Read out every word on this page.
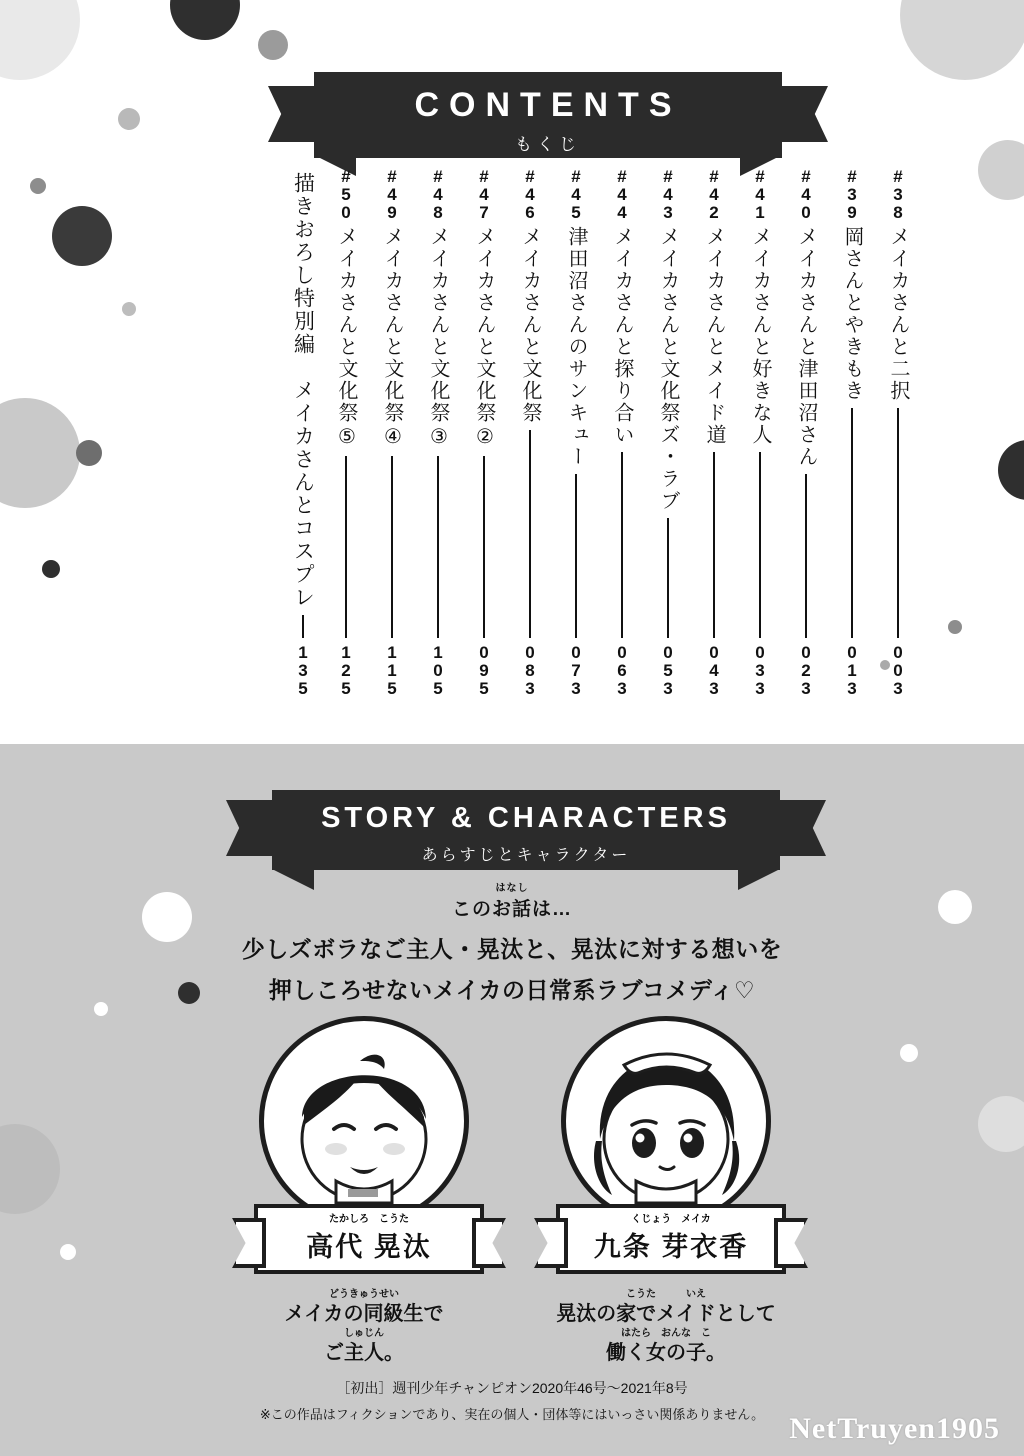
CONTENTS
もくじ
#
3
8
メイカさんと二択
0
0
3
#
3
9
岡さんとやきもき
0
1
3
#
4
0
メイカさんと津田沼さん
0
2
3
#
4
1
メイカさんと好きな人
0
3
3
#
4
2
メイカさんとメイド道
0
4
3
#
4
3
メイカさんと文化祭ズ・ラブ
0
5
3
#
4
4
メイカさんと探り合い
0
6
3
#
4
5
津田沼さんのサンキュー
0
7
3
#
4
6
メイカさんと文化祭
0
8
3
#
4
7
メイカさんと文化祭②
0
9
5
#
4
8
メイカさんと文化祭③
1
0
5
#
4
9
メイカさんと文化祭④
1
1
5
#
5
0
メイカさんと文化祭⑤
1
2
5
描きおろし特別編　メイカさんとコスプレ
1
3
5
STORY & CHARACTERS
あらすじとキャラクター
はなし
このお話は…
少しズボラなご主人・晃汰と、晃汰に対する想いを
押しころせないメイカの日常系ラブコメディ♡
たかしろ　こうた
高代 晃汰
どうきゅうせい
メイカの同級生で
しゅじん
ご主人。
くじょう　メイカ
九条 芽衣香
こうた　　　いえ
晃汰の家でメイドとして
はたら　おんな　こ
働く女の子。
［初出］週刊少年チャンピオン2020年46号〜2021年8号
※この作品はフィクションであり、実在の個人・団体等にはいっさい関係ありません。 NetTruyen1905
